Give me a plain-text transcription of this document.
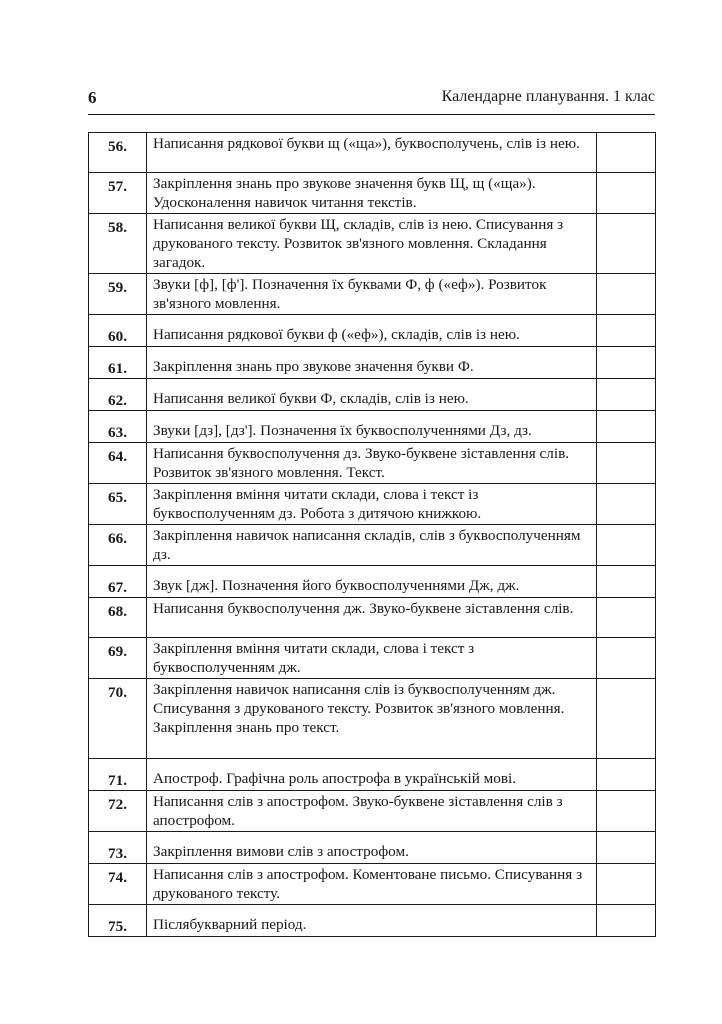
6	Календарне планування. 1 клас
56.	Написання рядкової букви щ («ща»), буквосполучень, слів із нею.	
57.	Закріплення знань про звукове значення букв Щ, щ («ща»). Удосконалення навичок читання текстів.	
58.	Написання великої букви Щ, складів, слів із нею. Списування з друкованого тексту. Розвиток зв'язного мовлення. Складання загадок.	
59.	Звуки [ф], [ф']. Позначення їх буквами Ф, ф («еф»). Розвиток зв'язного мовлення.	
60.	Написання рядкової букви ф («еф»), складів, слів із нею.	
61.	Закріплення знань про звукове значення букви Ф.	
62.	Написання великої букви Ф, складів, слів із нею.	
63.	Звуки [дз], [дз']. Позначення їх буквосполученнями Дз, дз.	
64.	Написання буквосполучення дз. Звуко-буквене зіставлення слів. Розвиток зв'язного мовлення. Текст.	
65.	Закріплення вміння читати склади, слова і текст із буквосполученням дз. Робота з дитячою книжкою.	
66.	Закріплення навичок написання складів, слів з буквосполученням дз.	
67.	Звук [дж]. Позначення його буквосполученнями Дж, дж.	
68.	Написання буквосполучення дж. Звуко-буквене зіставлення слів.	
69.	Закріплення вміння читати склади, слова і текст з буквосполученням дж.	
70.	Закріплення навичок написання слів із буквосполученням дж. Списування з друкованого тексту. Розвиток зв'язного мовлення. Закріплення знань про текст.	
71.	Апостроф. Графічна роль апострофа в українській мові.	
72.	Написання слів з апострофом. Звуко-буквене зіставлення слів з апострофом.	
73.	Закріплення вимови слів з апострофом.	
74.	Написання слів з апострофом. Коментоване письмо. Списування з друкованого тексту.	
75.	Післябукварний період.	
